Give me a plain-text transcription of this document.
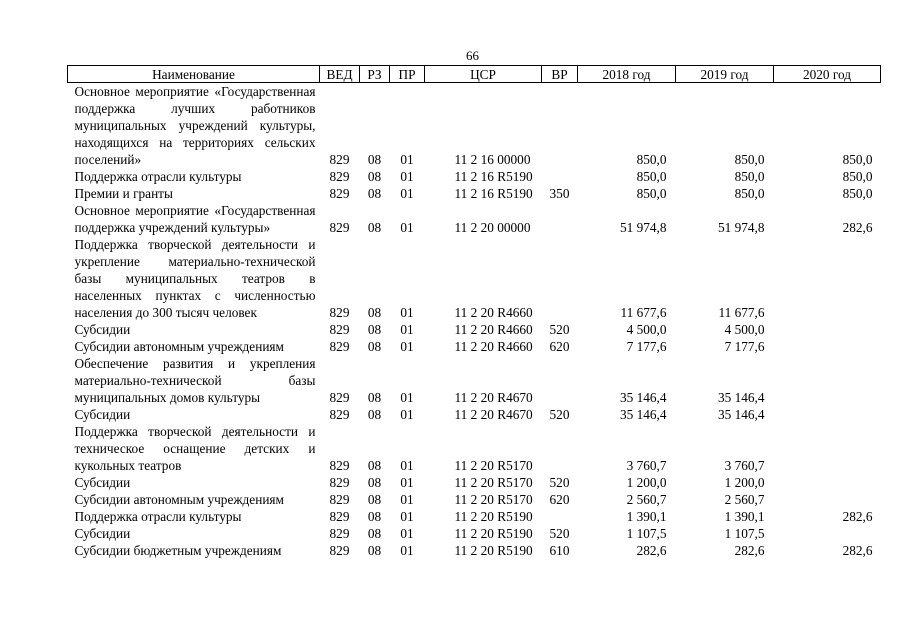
66
Наименование	ВЕД	РЗ	ПР	ЦСР	ВР	2018 год	2019 год	2020 год
Основное мероприятие «Государственная поддержка лучших работников муниципальных учреждений культуры, находящихся на территориях сельских поселений»	829	08	01	11 2 16 00000		850,0	850,0	850,0
Поддержка отрасли культуры	829	08	01	11 2 16 R5190		850,0	850,0	850,0
Премии и гранты	829	08	01	11 2 16 R5190	350	850,0	850,0	850,0
Основное мероприятие «Государственная поддержка учреждений культуры»	829	08	01	11 2 20 00000		51 974,8	51 974,8	282,6
Поддержка творческой деятельности и укрепление материально-технической базы муниципальных театров в населенных пунктах с численностью населения до 300 тысяч человек	829	08	01	11 2 20 R4660		11 677,6	11 677,6	
Субсидии	829	08	01	11 2 20 R4660	520	4 500,0	4 500,0	
Субсидии автономным учреждениям	829	08	01	11 2 20 R4660	620	7 177,6	7 177,6	
Обеспечение развития и укрепления материально-технической базы муниципальных домов культуры	829	08	01	11 2 20 R4670		35 146,4	35 146,4	
Субсидии	829	08	01	11 2 20 R4670	520	35 146,4	35 146,4	
Поддержка творческой деятельности и техническое оснащение детских и кукольных театров	829	08	01	11 2 20 R5170		3 760,7	3 760,7	
Субсидии	829	08	01	11 2 20 R5170	520	1 200,0	1 200,0	
Субсидии автономным учреждениям	829	08	01	11 2 20 R5170	620	2 560,7	2 560,7	
Поддержка отрасли культуры	829	08	01	11 2 20 R5190		1 390,1	1 390,1	282,6
Субсидии	829	08	01	11 2 20 R5190	520	1 107,5	1 107,5	
Субсидии бюджетным учреждениям	829	08	01	11 2 20 R5190	610	282,6	282,6	282,6
